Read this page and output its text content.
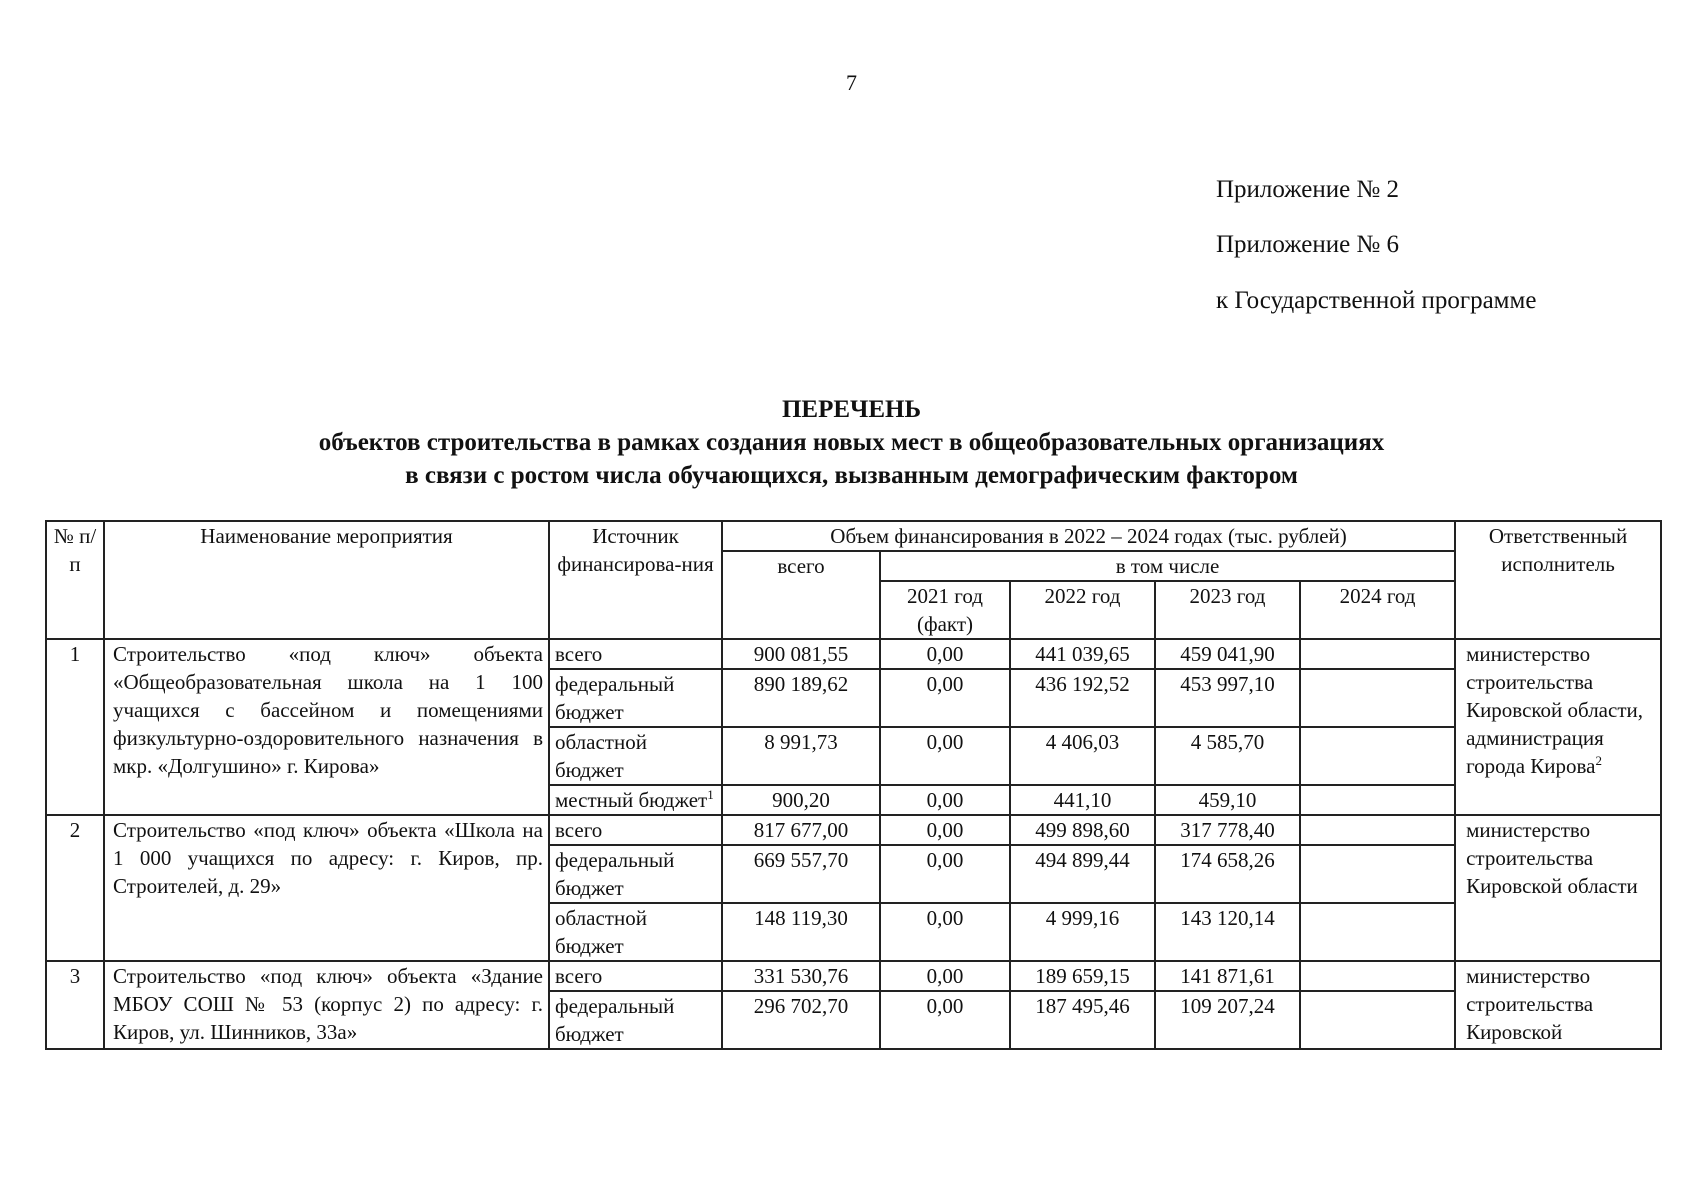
7
Приложение № 2
Приложение № 6
к Государственной программе
ПЕРЕЧЕНЬ
объектов строительства в рамках создания новых мест в общеобразовательных организациях
в связи с ростом числа обучающихся, вызванным демографическим фактором
№ п/п	Наименование мероприятия	Источник финансирова-ния	Объем финансирования в 2022 – 2024 годах (тыс. рублей)					Ответственный исполнитель
			всего	в том числе				
				2021 год (факт)	2022 год	2023 год	2024 год	
1	Строительство «под ключ» объекта «Общеобразовательная школа на 1 100 учащихся с бассейном и помещениями физкультурно-оздоровительного назначения в мкр. «Долгушино» г. Кирова»	всего	900 081,55	0,00	441 039,65	459 041,90		министерство строительства Кировской области, администрация города Кирова$^2$
		федеральный бюджет	890 189,62	0,00	436 192,52	453 997,10		
		областной бюджет	8 991,73	0,00	4 406,03	4 585,70		
		местный бюджет$^1$	900,20	0,00	441,10	459,10		
2	Строительство «под ключ» объекта «Школа на 1 000 учащихся по адресу: г. Киров, пр. Строителей, д. 29»	всего	817 677,00	0,00	499 898,60	317 778,40		министерство строительства Кировской области
		федеральный бюджет	669 557,70	0,00	494 899,44	174 658,26		
		областной бюджет	148 119,30	0,00	4 999,16	143 120,14		
3	Строительство «под ключ» объекта «Здание МБОУ СОШ № 53 (корпус 2) по адресу: г. Киров, ул. Шинников, 33а»	всего	331 530,76	0,00	189 659,15	141 871,61		министерство строительства Кировской
		федеральный бюджет	296 702,70	0,00	187 495,46	109 207,24		
